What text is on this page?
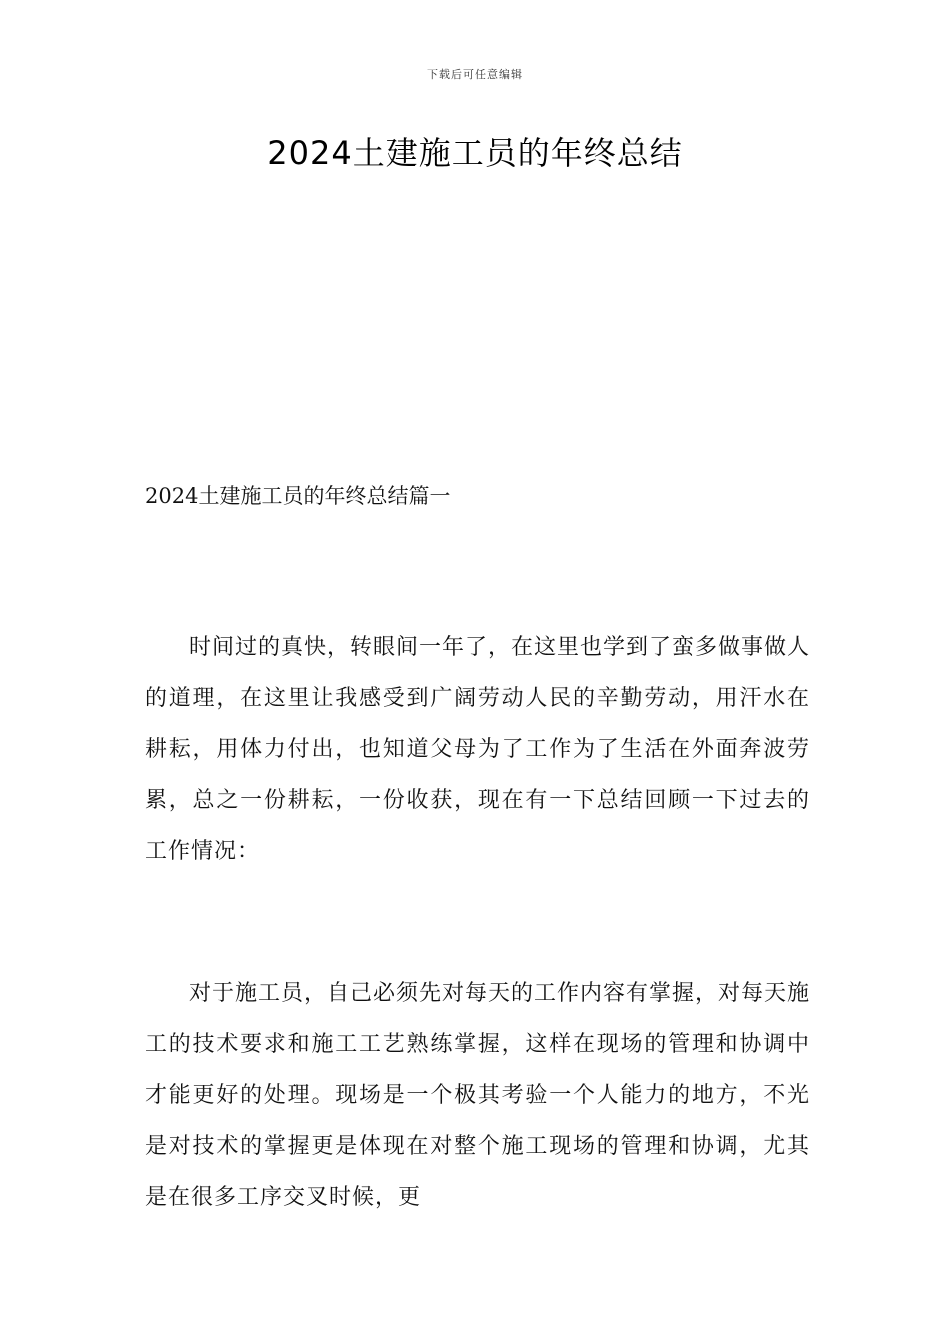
下载后可任意编辑
2024土建施工员的年终总结
2024土建施工员的年终总结篇一

时间过的真快，转眼间一年了，在这里也学到了蛮多做事做人的道理，在这里让我感受到广阔劳动人民的辛勤劳动，用汗水在耕耘，用体力付出，也知道父母为了工作为了生活在外面奔波劳累，总之一份耕耘，一份收获，现在有一下总结回顾一下过去的工作情况：

对于施工员，自己必须先对每天的工作内容有掌握，对每天施工的技术要求和施工工艺熟练掌握，这样在现场的管理和协调中才能更好的处理。现场是一个极其考验一个人能力的地方，不光是对技术的掌握更是体现在对整个施工现场的管理和协调，尤其是在很多工序交叉时候，更
